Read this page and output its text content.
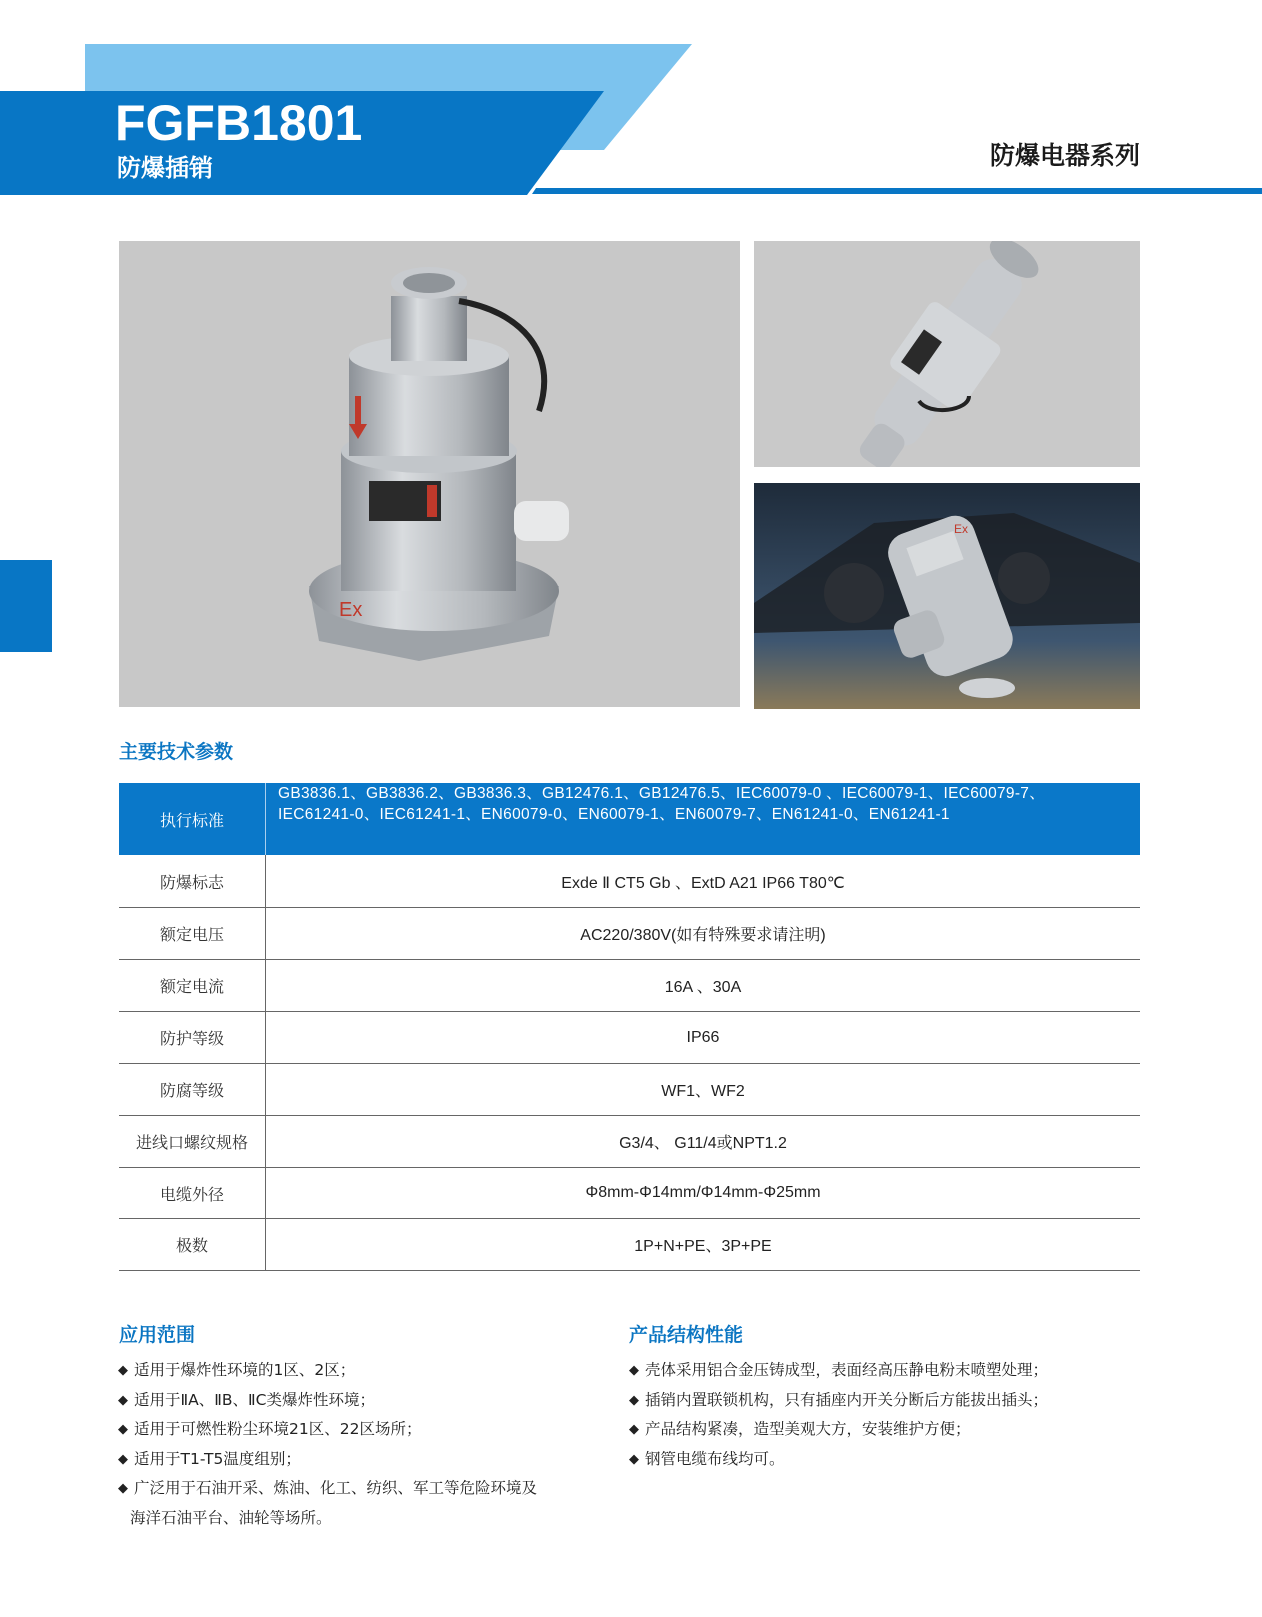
FGFB1801
防爆插销	防爆电器系列
Ex
Ex
主要技术参数
执行标准
GB3836.1、GB3836.2、GB3836.3、GB12476.1、GB12476.5、IEC60079-0 、IEC60079-1、IEC60079-7、
IEC61241-0、IEC61241-1、EN60079-0、EN60079-1、EN60079-7、EN61241-0、EN61241-1
防爆标志	Exde Ⅱ CT5 Gb 、ExtD A21 IP66 T80℃
额定电压	AC220/380V(如有特殊要求请注明)
额定电流	16A 、30A
防护等级	IP66
防腐等级	WF1、WF2
进线口螺纹规格	G3/4、 G11/4或NPT1.2
电缆外径	Φ8mm-Φ14mm/Φ14mm-Φ25mm
极数	1P+N+PE、3P+PE
应用范围
◆ 适用于爆炸性环境的1区、2区；
◆ 适用于ⅡA、ⅡB、ⅡC类爆炸性环境；
◆ 适用于可燃性粉尘环境21区、22区场所；
◆ 适用于T1-T5温度组别；
◆ 广泛用于石油开采、炼油、化工、纺织、军工等危险环境及
海洋石油平台、油轮等场所。
产品结构性能
◆ 壳体采用铝合金压铸成型，表面经高压静电粉末喷塑处理；
◆ 插销内置联锁机构，只有插座内开关分断后方能拔出插头；
◆ 产品结构紧凑，造型美观大方，安装维护方便；
◆ 钢管电缆布线均可。
